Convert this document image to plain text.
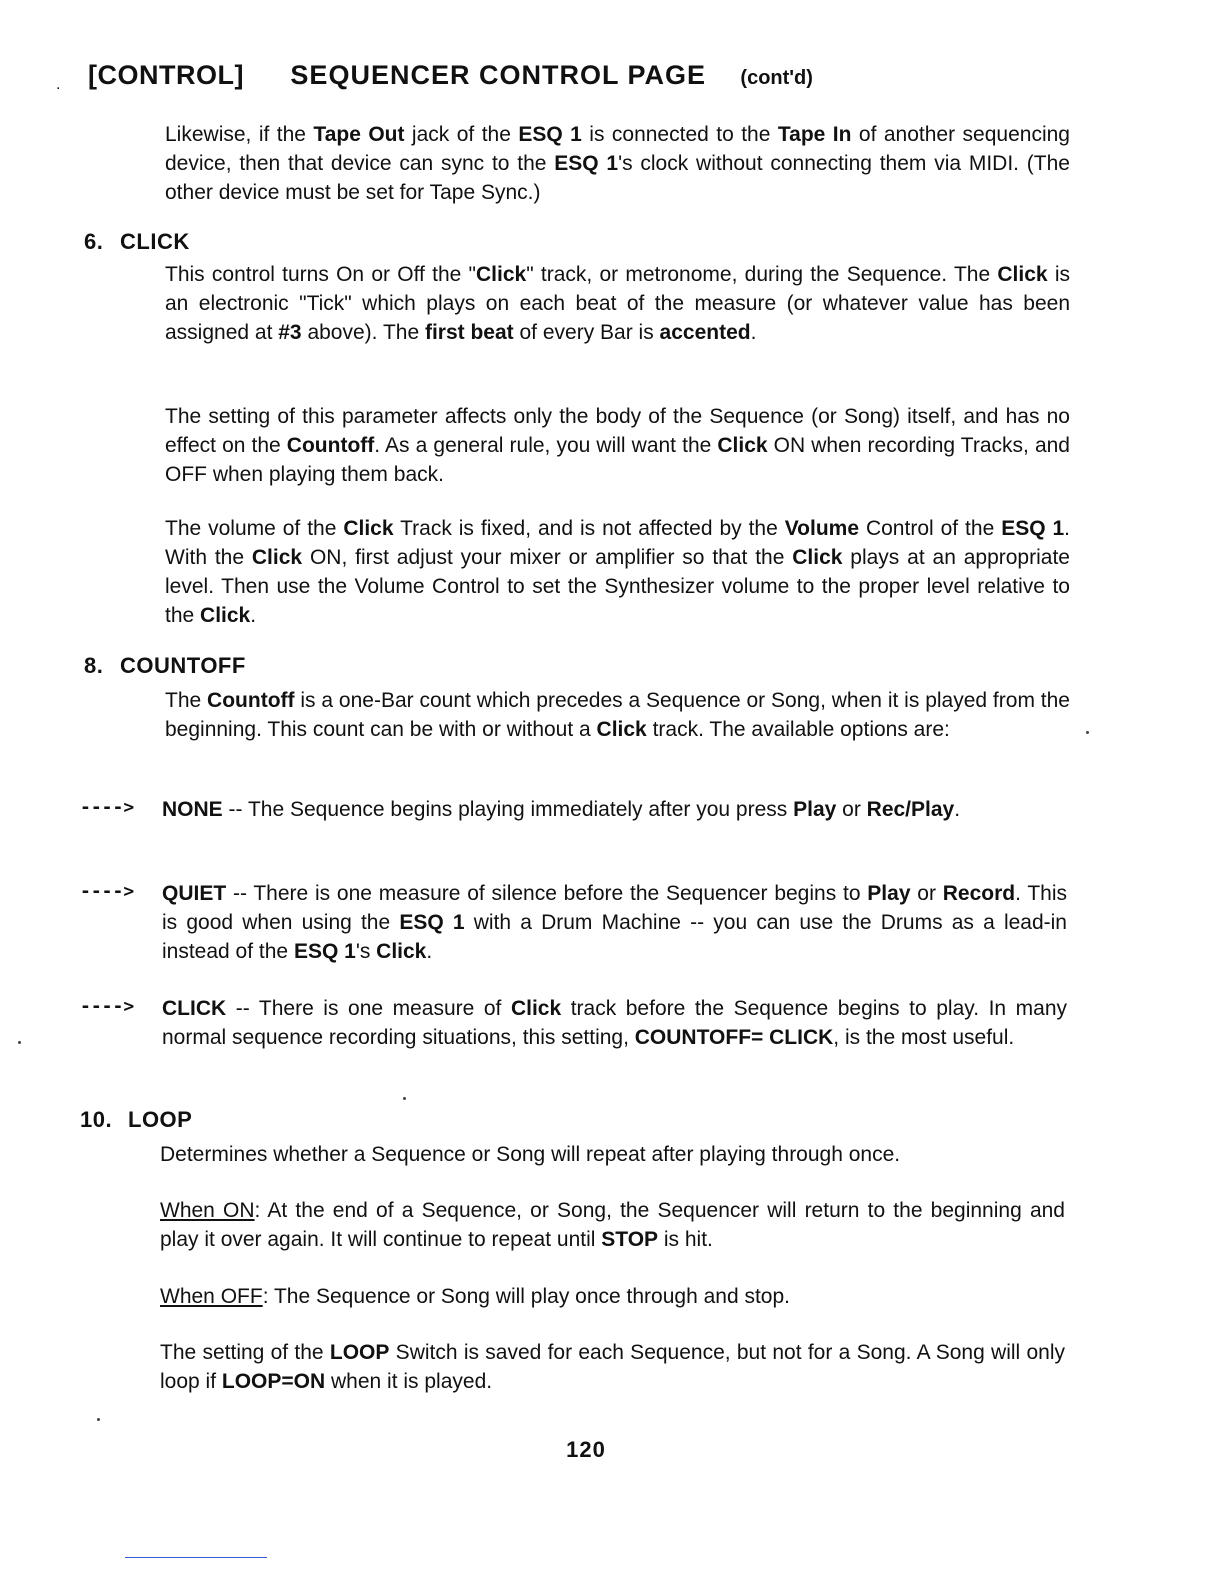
. [CONTROL] SEQUENCER CONTROL PAGE (cont'd)
Likewise, if the Tape Out jack of the ESQ 1 is connected to the Tape In of another sequencing device, then that device can sync to the ESQ 1's clock without connecting them via MIDI. (The other device must be set for Tape Sync.)
6. CLICK
This control turns On or Off the "Click" track, or metronome, during the Sequence. The Click is an electronic "Tick" which plays on each beat of the measure (or whatever value has been assigned at #3 above). The first beat of every Bar is accented.
The setting of this parameter affects only the body of the Sequence (or Song) itself, and has no effect on the Countoff. As a general rule, you will want the Click ON when recording Tracks, and OFF when playing them back.
The volume of the Click Track is fixed, and is not affected by the Volume Control of the ESQ 1. With the Click ON, first adjust your mixer or amplifier so that the Click plays at an appropriate level. Then use the Volume Control to set the Synthesizer volume to the proper level relative to the Click.
8. COUNTOFF
The Countoff is a one-Bar count which precedes a Sequence or Song, when it is played from the beginning. This count can be with or without a Click track. The available options are:
----> NONE -- The Sequence begins playing immediately after you press Play or Rec/Play.
----> QUIET -- There is one measure of silence before the Sequencer begins to Play or Record. This is good when using the ESQ 1 with a Drum Machine -- you can use the Drums as a lead-in instead of the ESQ 1's Click.
----> CLICK -- There is one measure of Click track before the Sequence begins to play. In many normal sequence recording situations, this setting, COUNTOFF= CLICK, is the most useful.
10. LOOP
Determines whether a Sequence or Song will repeat after playing through once.
When ON: At the end of a Sequence, or Song, the Sequencer will return to the beginning and play it over again. It will continue to repeat until STOP is hit.
When OFF: The Sequence or Song will play once through and stop.
The setting of the LOOP Switch is saved for each Sequence, but not for a Song. A Song will only loop if LOOP=ON when it is played.
120
